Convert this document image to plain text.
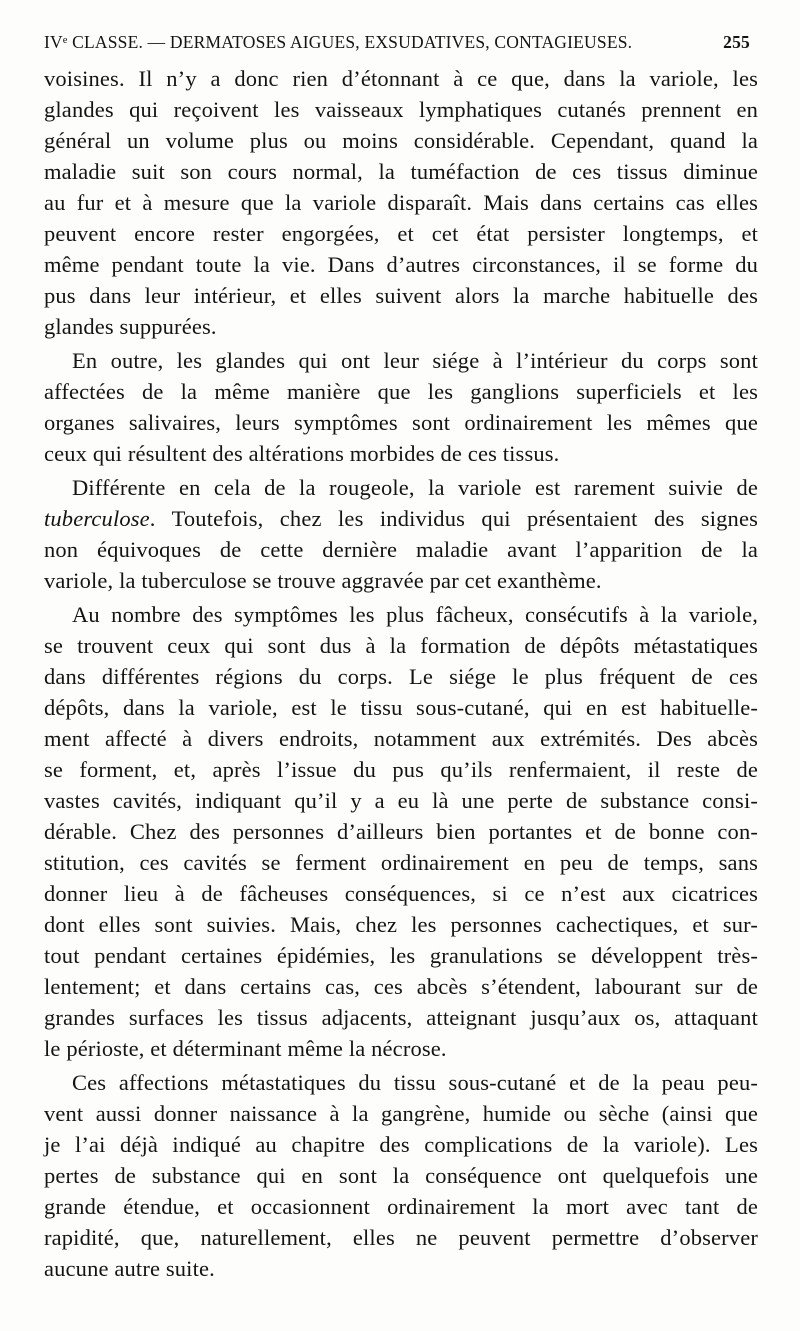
IVᵉ CLASSE. — DERMATOSES AIGUES, EXSUDATIVES, CONTAGIEUSES.	255
voisines. Il n’y a donc rien d’étonnant à ce que, dans la variole, les
glandes qui reçoivent les vaisseaux lymphatiques cutanés prennent en
général un volume plus ou moins considérable. Cependant, quand la
maladie suit son cours normal, la tuméfaction de ces tissus diminue
au fur et à mesure que la variole disparaît. Mais dans certains cas elles
peuvent encore rester engorgées, et cet état persister longtemps, et
même pendant toute la vie. Dans d’autres circonstances, il se forme du
pus dans leur intérieur, et elles suivent alors la marche habituelle des
glandes suppurées.
En outre, les glandes qui ont leur siége à l’intérieur du corps sont
affectées de la même manière que les ganglions superficiels et les
organes salivaires, leurs symptômes sont ordinairement les mêmes que
ceux qui résultent des altérations morbides de ces tissus.
Différente en cela de la rougeole, la variole est rarement suivie de
tuberculose. Toutefois, chez les individus qui présentaient des signes
non équivoques de cette dernière maladie avant l’apparition de la
variole, la tuberculose se trouve aggravée par cet exanthème.
Au nombre des symptômes les plus fâcheux, consécutifs à la variole,
se trouvent ceux qui sont dus à la formation de dépôts métastatiques
dans différentes régions du corps. Le siége le plus fréquent de ces
dépôts, dans la variole, est le tissu sous-cutané, qui en est habituelle-
ment affecté à divers endroits, notamment aux extrémités. Des abcès
se forment, et, après l’issue du pus qu’ils renfermaient, il reste de
vastes cavités, indiquant qu’il y a eu là une perte de substance consi-
dérable. Chez des personnes d’ailleurs bien portantes et de bonne con-
stitution, ces cavités se ferment ordinairement en peu de temps, sans
donner lieu à de fâcheuses conséquences, si ce n’est aux cicatrices
dont elles sont suivies. Mais, chez les personnes cachectiques, et sur-
tout pendant certaines épidémies, les granulations se développent très-
lentement; et dans certains cas, ces abcès s’étendent, labourant sur de
grandes surfaces les tissus adjacents, atteignant jusqu’aux os, attaquant
le périoste, et déterminant même la nécrose.
Ces affections métastatiques du tissu sous-cutané et de la peau peu-
vent aussi donner naissance à la gangrène, humide ou sèche (ainsi que
je l’ai déjà indiqué au chapitre des complications de la variole). Les
pertes de substance qui en sont la conséquence ont quelquefois une
grande étendue, et occasionnent ordinairement la mort avec tant de
rapidité, que, naturellement, elles ne peuvent permettre d’observer
aucune autre suite.
